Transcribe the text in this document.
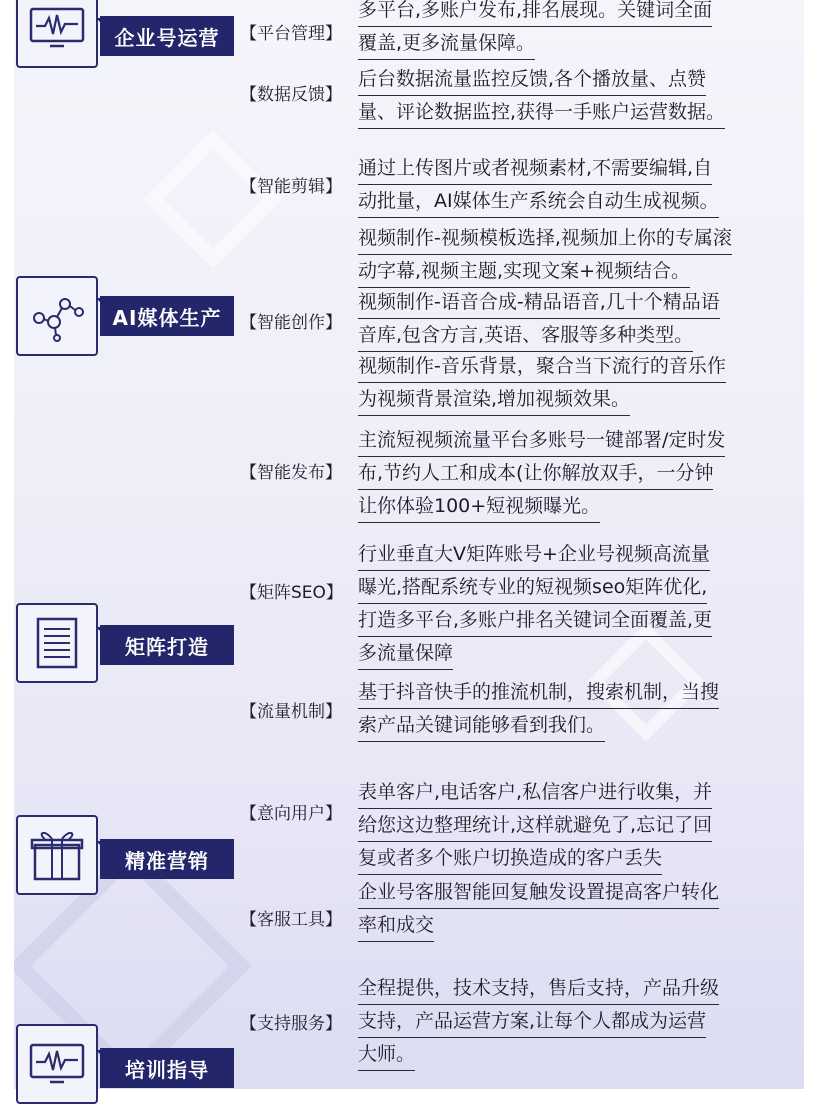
企业号运营
AI媒体生产
矩阵打造
精准营销
培训指导
【平台管理】
多平台,多账户发布,排名展现。关键词全面
覆盖,更多流量保障。
【数据反馈】
后台数据流量监控反馈,各个播放量、点赞
量、评论数据监控,获得一手账户运营数据。
【智能剪辑】
通过上传图片或者视频素材,不需要编辑,自
动批量，AI媒体生产系统会自动生成视频。
视频制作-视频模板选择,视频加上你的专属滚
动字幕,视频主题,实现文案+视频结合。
【智能创作】
视频制作-语音合成-精品语音,几十个精品语
音库,包含方言,英语、客服等多种类型。
视频制作-音乐背景，聚合当下流行的音乐作
为视频背景渲染,增加视频效果。
【智能发布】
主流短视频流量平台多账号一键部署/定时发
布,节约人工和成本(让你解放双手，一分钟
让你体验100+短视频曝光。
【矩阵SEO】
行业垂直大V矩阵账号+企业号视频高流量
曝光,搭配系统专业的短视频seo矩阵优化,
打造多平台,多账户排名关键词全面覆盖,更
多流量保障
【流量机制】
基于抖音快手的推流机制，搜索机制，当搜
索产品关键词能够看到我们。
【意向用户】
表单客户,电话客户,私信客户进行收集，并
给您这边整理统计,这样就避免了,忘记了回
复或者多个账户切换造成的客户丢失
【客服工具】
企业号客服智能回复触发设置提高客户转化
率和成交
【支持服务】
全程提供，技术支持，售后支持，产品升级
支持，产品运营方案,让每个人都成为运营
大师。
